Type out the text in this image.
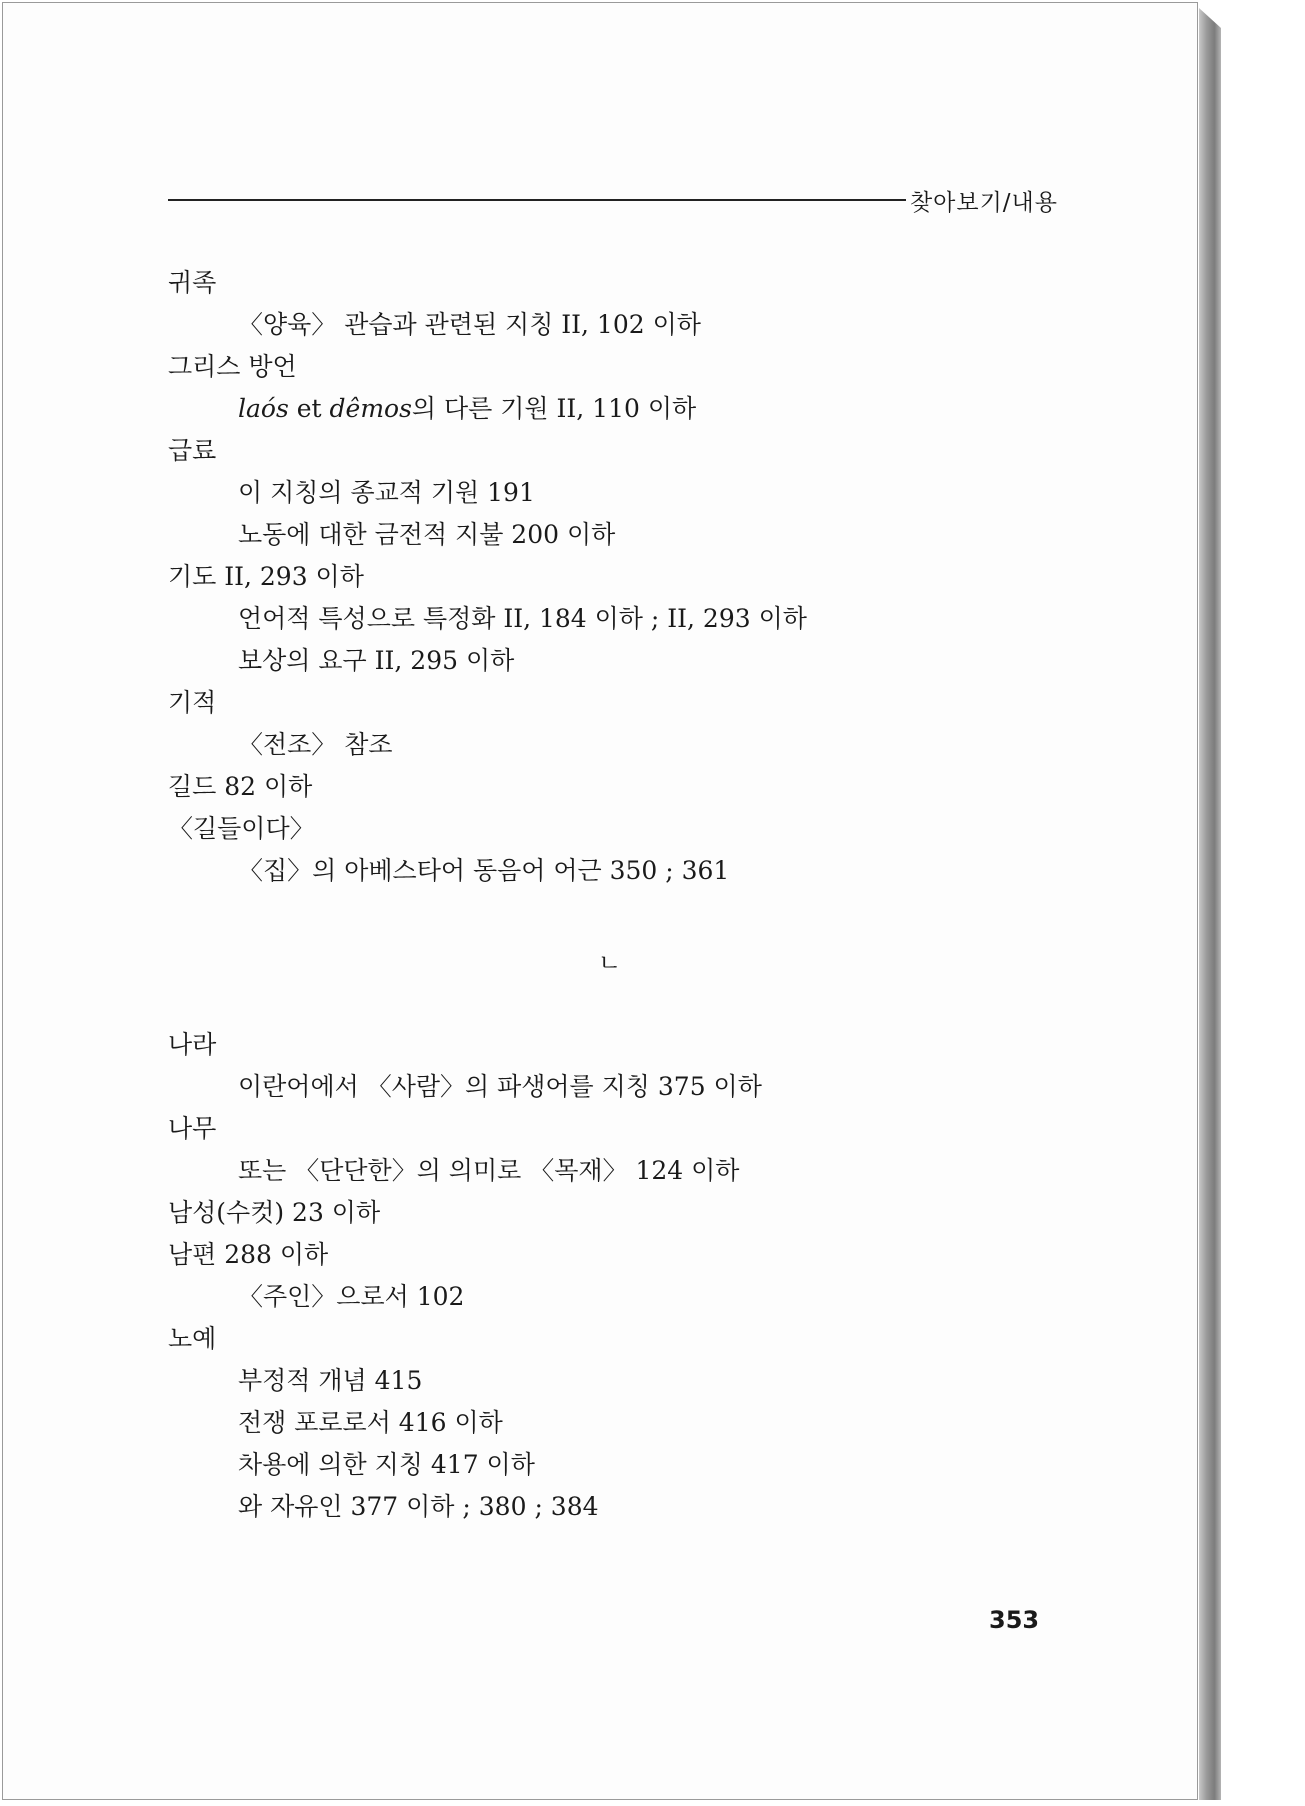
찾아보기/내용
귀족
〈양육〉 관습과 관련된 지칭 II, 102 이하
그리스 방언
laós et dêmos의 다른 기원 II, 110 이하
급료
이 지칭의 종교적 기원 191
노동에 대한 금전적 지불 200 이하
기도 II, 293 이하
언어적 특성으로 특정화 II, 184 이하 ; II, 293 이하
보상의 요구 II, 295 이하
기적
〈전조〉 참조
길드 82 이하
〈길들이다〉
〈집〉의 아베스타어 동음어 어근 350 ; 361
ㄴ
나라
이란어에서 〈사람〉의 파생어를 지칭 375 이하
나무
또는 〈단단한〉의 의미로 〈목재〉 124 이하
남성(수컷) 23 이하
남편 288 이하
〈주인〉으로서 102
노예
부정적 개념 415
전쟁 포로로서 416 이하
차용에 의한 지칭 417 이하
와 자유인 377 이하 ; 380 ; 384
353
